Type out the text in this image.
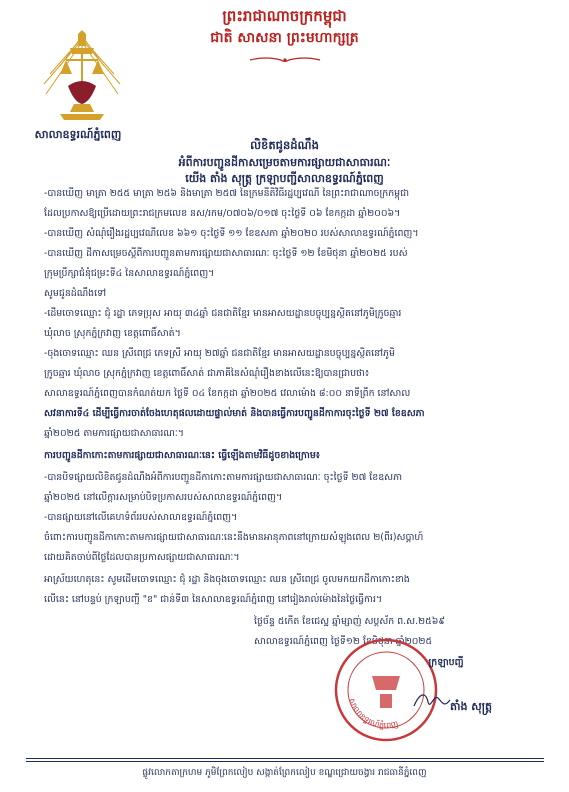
ព្រះរាជាណាចក្រកម្ពុជា
ជាតិ សាសនា ព្រះមហាក្សត្រ
សាលាឧទ្ធរណ៍ភ្នំពេញ
លិខិតជូនដំណឹង
អំពីការបញ្ជូនដីកាសម្រេចតាមការផ្សាយជាសាធារណៈ
យើង តាំង សុត្ត្រ ក្រឡាបញ្ជីសាលាឧទ្ធរណ៍ភ្នំពេញ
-បានឃើញ មាត្រា ២៥៥ មាត្រា ២៥៦ និងមាត្រា ២៥៧ នៃក្រមនីតិវិធីរដ្ឋប្បវេណី នៃព្រះរាជាណាចក្រកម្ពុជា
ដែលប្រកាសឱ្យប្រើដោយព្រះរាជក្រមលេខ នស/រកម/០៧០៦/០១៧ ចុះថ្ងៃទី ០៦ ខែកក្កដា ឆ្នាំ២០០៦។
-បានឃើញ សំណុំរឿងរដ្ឋប្បវេណីលេខ ៦៦១ ចុះថ្ងៃទី ១១ ខែឧសភា ឆ្នាំ២០២០ របស់សាលាឧទ្ធរណ៍ភ្នំពេញ។
-បានឃើញ ដីកាសម្រេចស្តីពីការបញ្ជូនតាមការផ្សាយជាសាធារណៈ ចុះថ្ងៃទី ១២ ខែមិថុនា ឆ្នាំ២០២៥ របស់
ក្រុមប្រឹក្សាជំនុំជម្រះទី៤ នៃសាលាឧទ្ធរណ៍ភ្នំពេញ។
សូមជូនដំណឹងទៅ
-ដើមចោទឈ្មោះ ជុំ រដ្ឋា ភេទប្រុស អាយុ ៣៤ឆ្នាំ ជនជាតិខ្មែរ មានអាសយដ្ឋានបច្ចុប្បន្នស្ថិតនៅភូមិក្រូចឆ្មារ
ឃុំលាច ស្រុកភ្នំក្រវាញ ខេត្តពោធិ៍សាត់។
-ចុងចោទឈ្មោះ ឈន ស្រីពេជ្រ ភេទស្រី អាយុ ២៧ឆ្នាំ ជនជាតិខ្មែរ មានអាសយដ្ឋានបច្ចុប្បន្នស្ថិតនៅភូមិ
ក្រូចឆ្មារ ឃុំលាច ស្រុកភ្នំក្រវាញ ខេត្តពោធិ៍សាត់ ជាភាគីនៃសំណុំរឿងខាងលើនេះឱ្យបានជ្រាបថា៖
សាលាឧទ្ធរណ៍ភ្នំពេញបានកំណត់យក ថ្ងៃទី ០៤ ខែកក្កដា ឆ្នាំ២០២៥ វេលាម៉ោង ៨:០០ នាទីព្រឹក នៅសាល
សវនាការទី៤ ដើម្បីធ្វើការចាត់ចែងហេតុផលដោយផ្ទាល់មាត់ និងបានធ្វើការបញ្ជូនដីកាការចុះថ្ងៃទី ២៧ ខែឧសភា
ឆ្នាំ២០២៥ តាមការផ្សាយជាសាធារណៈ។
ការបញ្ជូនដីកាកោះតាមការផ្សាយជាសាធារណៈនេះ ធ្វើឡើងតាមវិធីដូចខាងក្រោម៖
-បានបិទផ្សាយលិខិតជូនដំណឹងអំពីការបញ្ជូនដីកាកោះតាមការផ្សាយជាសាធារណៈ ចុះថ្ងៃទី ២៧ ខែឧសភា
ឆ្នាំ២០២៥ នៅលើក្តារសម្រាប់បិទប្រកាសរបស់សាលាឧទ្ធរណ៍ភ្នំពេញ។
-បានផ្សាយនៅលើគេហទំព័ររបស់សាលាឧទ្ធរណ៍ភ្នំពេញ។
ចំពោះការបញ្ជូនដីកាកោះតាមការផ្សាយជាសាធារណៈនេះនឹងមានអានុភាពនៅក្រោយសំឡុងពេល ២(ពីរ)សប្តាហ៍
ដោយគិតចាប់ពីថ្ងៃដែលបានប្រកាសផ្សាយជាសាធារណៈ។
អាស្រ័យហេតុនេះ សូមដើមចោទឈ្មោះ ជុំ រដ្ឋា និងចុងចោទឈ្មោះ ឈន ស្រីពេជ្រ ចូលមកយកដីកាកោះខាង
លើនេះ នៅបន្ទប់ ក្រឡាបញ្ជី "ខ" ជាន់ទី៣ នៃសាលាឧទ្ធរណ៍ភ្នំពេញ នៅរៀងរាល់ម៉ោងនៃថ្ងៃធ្វើការ។
ថ្ងៃច័ន្ទ ៥កើត ខែ​ជេស្ឋ ឆ្នាំម្សាញ់ សប្តស័ក ព.ស.២៥៦៩
សាលាឧទ្ធរណ៍ភ្នំពេញ ថ្ងៃទី១២ ខែមិថុនា ឆ្នាំ២០២៥
សាលាឧទ្ធរណ៍ភ្នំពេញ
ក្រឡាបញ្ជី
តាំង សុត្ត្រ
ផ្លូវលោកតាក្រហម ភូមិព្រែកលៀប សង្កាត់ព្រែកលៀប ខណ្ឌជ្រោយចង្វារ រាជធានីភ្នំពេញ
